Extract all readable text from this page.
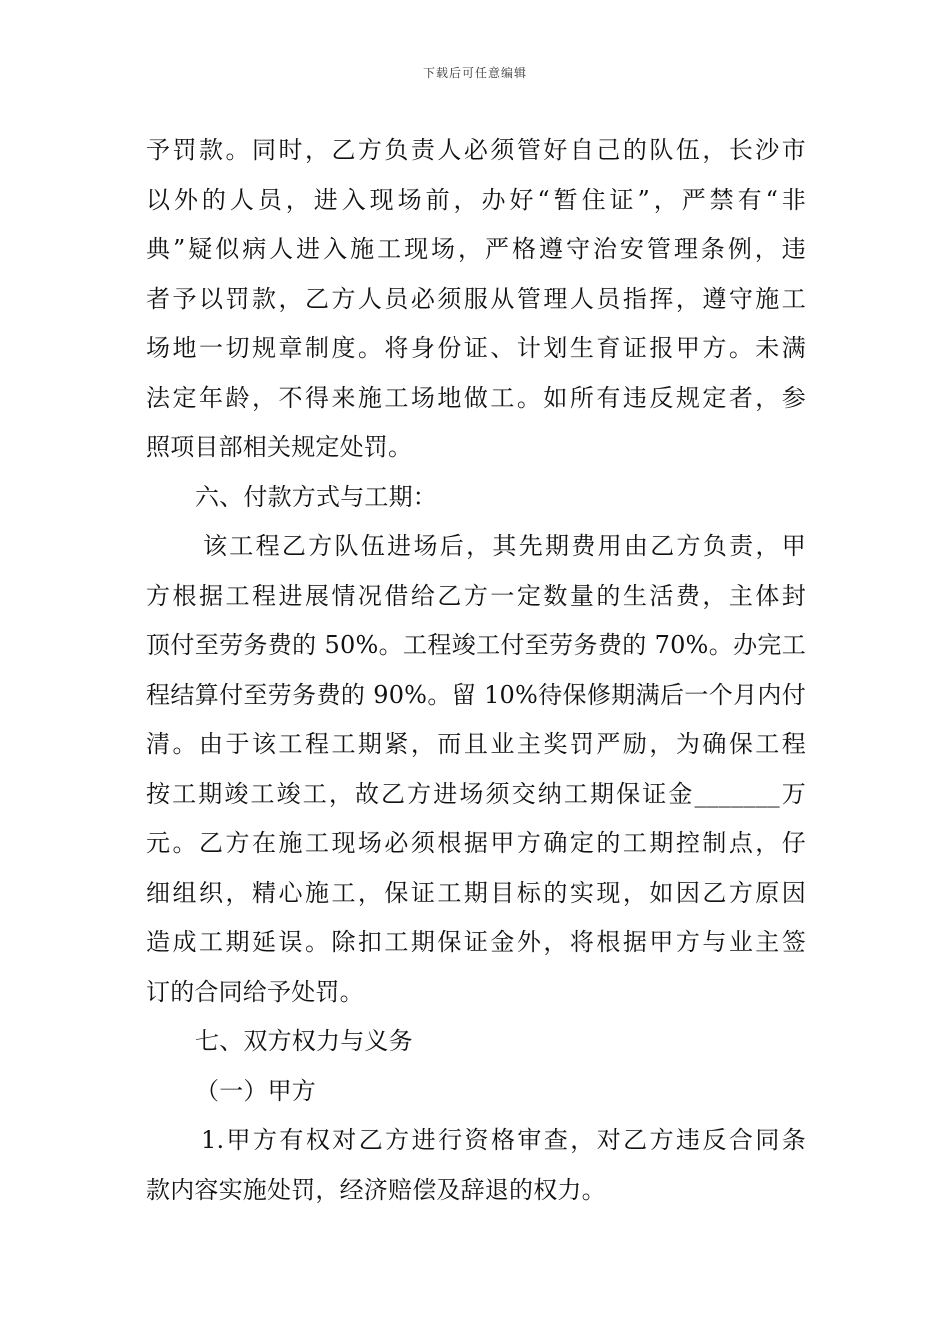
下载后可任意编辑
予罚款。同时，乙方负责人必须管好自己的队伍，长沙市
以外的人员，进入现场前，办好“暂住证”，严禁有“非
典”疑似病人进入施工现场，严格遵守治安管理条例，违
者予以罚款，乙方人员必须服从管理人员指挥，遵守施工
场地一切规章制度。将身份证、计划生育证报甲方。未满
法定年龄，不得来施工场地做工。如所有违反规定者，参
照项目部相关规定处罚。
六、付款方式与工期：
该工程乙方队伍进场后，其先期费用由乙方负责，甲
方根据工程进展情况借给乙方一定数量的生活费，主体封
顶付至劳务费的 50%。工程竣工付至劳务费的 70%。办完工
程结算付至劳务费的 90%。留 10%待保修期满后一个月内付
清。由于该工程工期紧，而且业主奖罚严励，为确保工程
按工期竣工竣工，故乙方进场须交纳工期保证金_______万
元。乙方在施工现场必须根据甲方确定的工期控制点，仔
细组织，精心施工，保证工期目标的实现，如因乙方原因
造成工期延误。除扣工期保证金外，将根据甲方与业主签
订的合同给予处罚。
七、双方权力与义务
（一）甲方
1.甲方有权对乙方进行资格审查，对乙方违反合同条
款内容实施处罚，经济赔偿及辞退的权力。
